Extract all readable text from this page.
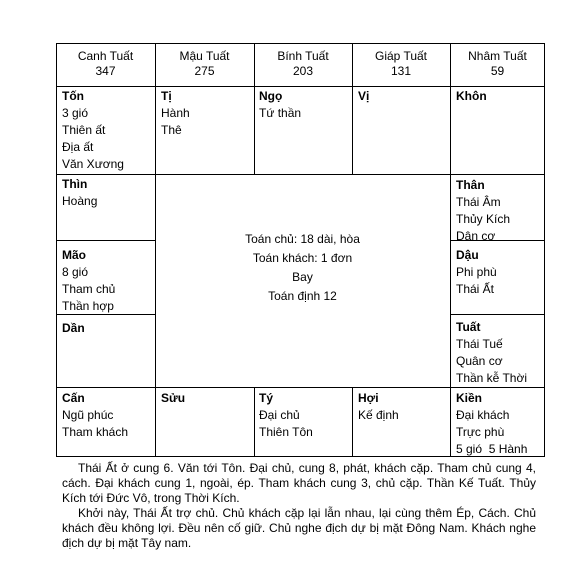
Canh Tuất
347
Mậu Tuất
275
Bính Tuất
203
Giáp Tuất
131
Nhâm Tuất
59
Tốn
3 gió
Thiên ất
Địa ất
Văn Xương
Tị
Hành
Thê
Ngọ
Tứ thần
Vị	Khôn
Thìn
Hoàng
Mão
8 gió
Tham chủ
Thần hợp
Dần
Thân
Thái Âm
Thủy Kích
Dân cơ
Dậu
Phi phù
Thái Ất
Tuất
Thái Tuế
Quân cơ
Thần kễ Thời
Toán chủ: 18 dài, hòa
Toán khách: 1 đơn
Bay
Toán định 12
Cấn
Ngũ phúc
Tham khách
Sửu	Tý
Đại chủ
Thiên Tôn
Hợi
Kế định
Kiền
Đại khách
Trực phù
5 gió  5 Hành

Thái Ất ở cung 6. Văn tới Tôn. Đại chủ, cung 8, phát, khách cặp. Tham chủ cung 4, cách. Đại khách cung 1, ngoài, ép. Tham khách cung 3, chủ cặp. Thần Kế Tuất. Thủy Kích tới Đức Vô, trong Thời Kích.

Khởi này, Thái Ất trợ chủ. Chủ khách cặp lại lẫn nhau, lại cùng thêm Ép, Cách. Chủ khách đều không lợi. Đều nên cố giữ. Chủ nghe địch dự bị mặt Đông Nam. Khách nghe địch dự bị mặt Tây nam.
